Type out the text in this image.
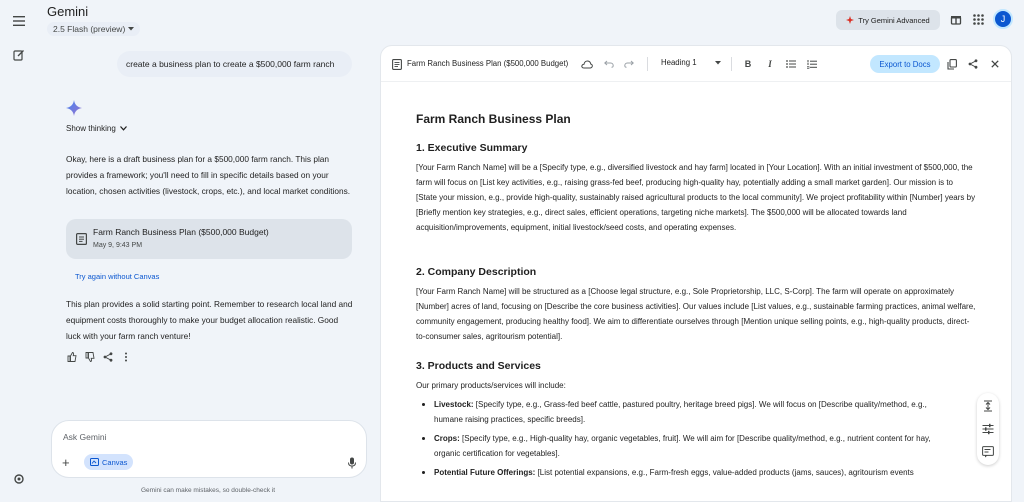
Gemini
2.5 Flash (preview)
Try Gemini Advanced	J
create a business plan to create a $500,000 farm ranch
Show thinking
Okay, here is a draft business plan for a $500,000 farm ranch. This plan provides a framework; you'll need to fill in specific details based on your location, chosen activities (livestock, crops, etc.), and local market conditions.
Farm Ranch Business Plan ($500,000 Budget)
May 9, 9:43 PM
Try again without Canvas
This plan provides a solid starting point. Remember to research local land and equipment costs thoroughly to make your budget allocation realistic. Good luck with your farm ranch venture!
Ask Gemini
+	Canvas
Gemini can make mistakes, so double-check it
Farm Ranch Business Plan ($500,000 Budget)	Heading 1	B	I	Export to Docs
Farm Ranch Business Plan
1. Executive Summary
[Your Farm Ranch Name] will be a [Specify type, e.g., diversified livestock and hay farm] located in [Your Location]. With an initial investment of $500,000, the farm will focus on [List key activities, e.g., raising grass-fed beef, producing high-quality hay, potentially adding a small market garden]. Our mission is to [State your mission, e.g., provide high-quality, sustainably raised agricultural products to the local community]. We project profitability within [Number] years by [Briefly mention key strategies, e.g., direct sales, efficient operations, targeting niche markets]. The $500,000 will be allocated towards land acquisition/improvements, equipment, initial livestock/seed costs, and operating expenses.
2. Company Description
[Your Farm Ranch Name] will be structured as a [Choose legal structure, e.g., Sole Proprietorship, LLC, S-Corp]. The farm will operate on approximately [Number] acres of land, focusing on [Describe the core business activities]. Our values include [List values, e.g., sustainable farming practices, animal welfare, community engagement, producing healthy food]. We aim to differentiate ourselves through [Mention unique selling points, e.g., high-quality products, direct-to-consumer sales, agritourism potential].
3. Products and Services
Our primary products/services will include:
Livestock: [Specify type, e.g., Grass-fed beef cattle, pastured poultry, heritage breed pigs]. We will focus on [Describe quality/method, e.g., humane raising practices, specific breeds].
Crops: [Specify type, e.g., High-quality hay, organic vegetables, fruit]. We will aim for [Describe quality/method, e.g., nutrient content for hay, organic certification for vegetables].
Potential Future Offerings: [List potential expansions, e.g., Farm-fresh eggs, value-added products (jams, sauces), agritourism events
